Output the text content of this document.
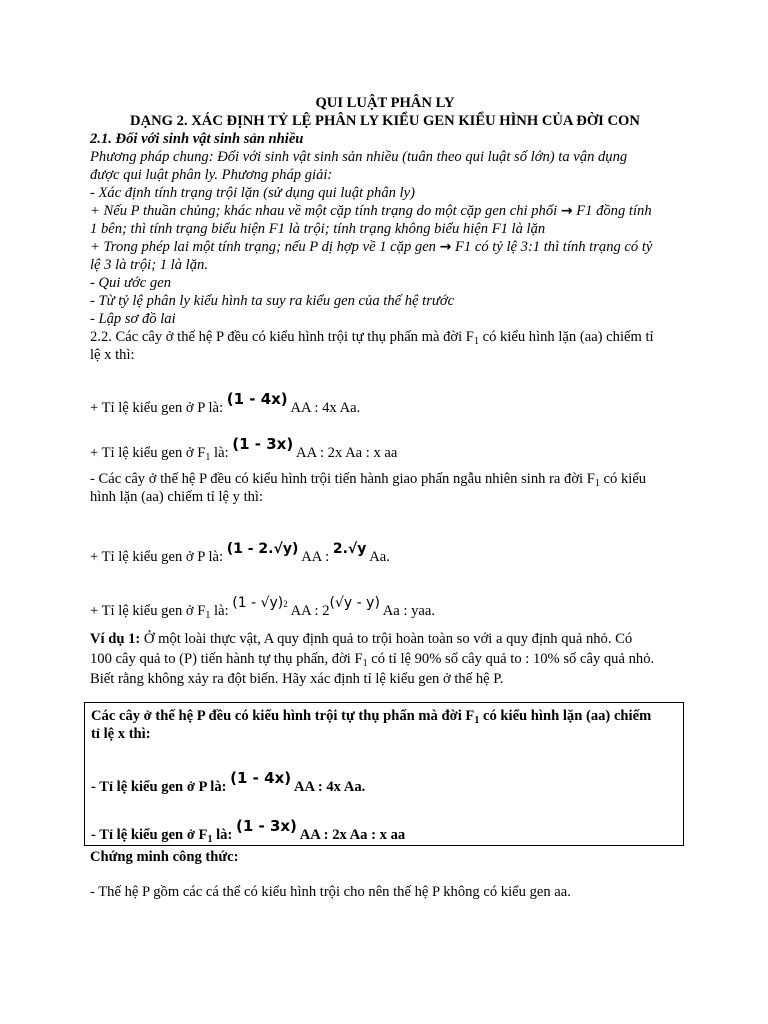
QUI LUẬT PHÂN LY
DẠNG 2. XÁC ĐỊNH TỶ LỆ PHÂN LY KIỂU GEN KIỂU HÌNH CỦA ĐỜI CON
2.1. Đối với sinh vật sinh sản nhiều
Phương pháp chung: Đối với sinh vật sinh sản nhiều (tuân theo qui luật số lớn) ta vận dụng
được qui luật phân ly. Phương pháp giải:
- Xác định tính trạng trội lặn (sử dụng qui luật phân ly)
+ Nếu P thuần chủng; khác nhau về một cặp tính trạng do một cặp gen chi phối → F1 đồng tính
1 bên; thì tính trạng biểu hiện F1 là trội; tính trạng không biểu hiện F1 là lặn
+ Trong phép lai một tính trạng; nếu P dị hợp về 1 cặp gen → F1 có tỷ lệ 3:1 thì tính trạng có tỷ
lệ 3 là trội; 1 là lặn.
- Qui ước gen
- Từ tỷ lệ phân ly kiểu hình ta suy ra kiểu gen của thế hệ trước
- Lập sơ đồ lai
2.2. Các cây ở thế hệ P đều có kiểu hình trội tự thụ phấn mà đời $F_1$ có kiểu hình lặn (aa) chiếm tỉ
lệ x thì:
+ Tỉ lệ kiểu gen ở P là: (1 - 4x) AA : 4x Aa.
+ Tỉ lệ kiểu gen ở $F_1$ là: (1 - 3x) AA : 2x Aa : x aa
- Các cây ở thế hệ P đều có kiểu hình trội tiến hành giao phấn ngẫu nhiên sinh ra đời $F_1$ có kiểu
hình lặn (aa) chiếm tỉ lệ y thì:
+ Tỉ lệ kiểu gen ở P là: (1 - 2.√y) AA : 2.√y Aa.
+ Tỉ lệ kiểu gen ở $F_1$ là: (1 - √y)$^2$ AA : 2(√y - y) Aa : yaa.
Ví dụ 1: Ở một loài thực vật, A quy định quả to trội hoàn toàn so với a quy định quả nhỏ. Có
100 cây quả to (P) tiến hành tự thụ phấn, đời $F_1$ có tỉ lệ 90% số cây quả to : 10% số cây quả nhỏ.
Biết rằng không xảy ra đột biến. Hãy xác định tỉ lệ kiểu gen ở thế hệ P.
Chứng minh công thức:
- Thế hệ P gồm các cá thể có kiểu hình trội cho nên thế hệ P không có kiểu gen aa.
Các cây ở thế hệ P đều có kiểu hình trội tự thụ phấn mà đời $F_1$ có kiểu hình lặn (aa) chiếm
tỉ lệ x thì:
- Tỉ lệ kiểu gen ở P là: (1 - 4x) AA : 4x Aa.
- Tỉ lệ kiểu gen ở $F_1$ là: (1 - 3x) AA : 2x Aa : x aa
